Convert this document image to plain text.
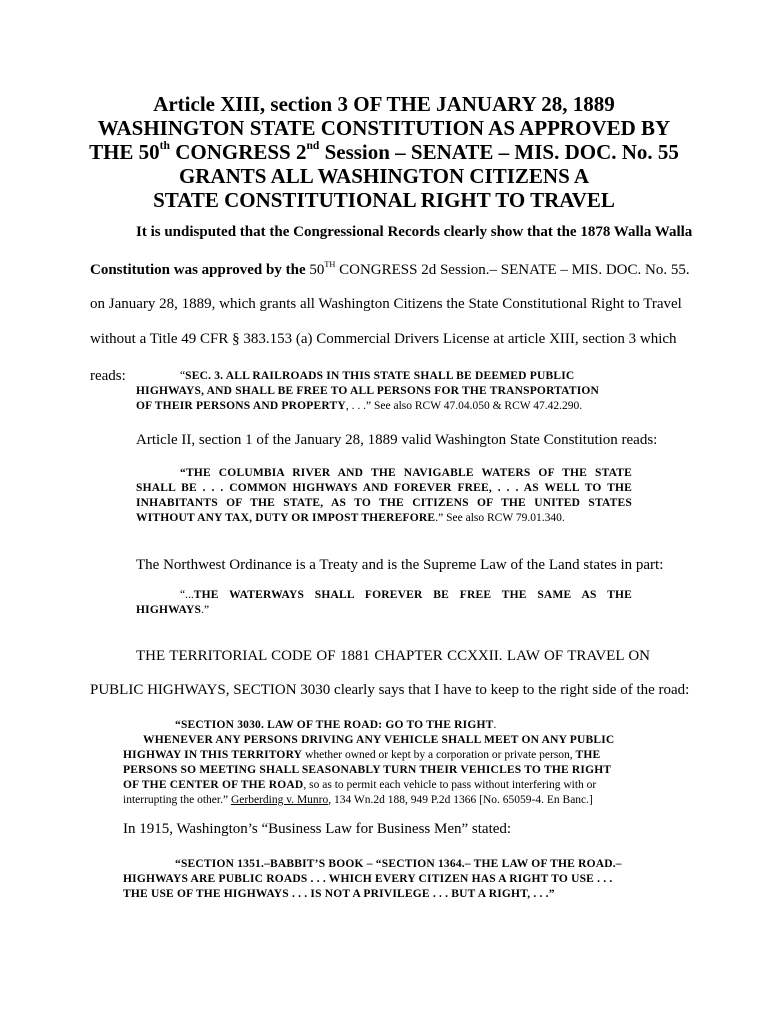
Article XIII, section 3 OF THE JANUARY 28, 1889
WASHINGTON STATE CONSTITUTION AS APPROVED BY
THE 50th CONGRESS 2nd Session – SENATE – MIS. DOC. No. 55
GRANTS ALL WASHINGTON CITIZENS A
STATE CONSTITUTIONAL RIGHT TO TRAVEL

It is undisputed that the Congressional Records clearly show that the 1878 Walla Walla

Constitution was approved by the 50TH CONGRESS 2d Session.– SENATE – MIS. DOC. No. 55.

on January 28, 1889, which grants all Washington Citizens the State Constitutional Right to Travel

without a Title 49 CFR § 383.153 (a) Commercial Drivers License at article XIII, section 3 which

reads:	“SEC. 3. ALL RAILROADS IN THIS STATE SHALL BE DEEMED PUBLIC
HIGHWAYS, AND SHALL BE FREE TO ALL PERSONS FOR THE TRANSPORTATION
OF THEIR PERSONS AND PROPERTY, . . .” See also RCW 47.04.050 & RCW 47.42.290.

Article II, section 1 of the January 28, 1889 valid Washington State Constitution reads:

“THE COLUMBIA RIVER AND THE NAVIGABLE WATERS OF THE STATE
SHALL BE . . . COMMON HIGHWAYS AND FOREVER FREE, . . . AS WELL TO THE
INHABITANTS OF THE STATE, AS TO THE CITIZENS OF THE UNITED STATES
WITHOUT ANY TAX, DUTY OR IMPOST THEREFORE.” See also RCW 79.01.340.

The Northwest Ordinance is a Treaty and is the Supreme Law of the Land states in part:

“...THE WATERWAYS SHALL FOREVER BE FREE THE SAME AS THE
HIGHWAYS.”

THE TERRITORIAL CODE OF 1881 CHAPTER CCXXII. LAW OF TRAVEL ON

PUBLIC HIGHWAYS, SECTION 3030 clearly says that I have to keep to the right side of the road:

“SECTION 3030. LAW OF THE ROAD: GO TO THE RIGHT.
WHENEVER ANY PERSONS DRIVING ANY VEHICLE SHALL MEET ON ANY PUBLIC
HIGHWAY IN THIS TERRITORY whether owned or kept by a corporation or private person, THE
PERSONS SO MEETING SHALL SEASONABLY TURN THEIR VEHICLES TO THE RIGHT
OF THE CENTER OF THE ROAD, so as to permit each vehicle to pass without interfering with or
interrupting the other.” Gerberding v. Munro, 134 Wn.2d 188, 949 P.2d 1366 [No. 65059-4. En Banc.]

In 1915, Washington’s “Business Law for Business Men” stated:

“SECTION 1351.–BABBIT’S BOOK – “SECTION 1364.– THE LAW OF THE ROAD.–
HIGHWAYS ARE PUBLIC ROADS . . . WHICH EVERY CITIZEN HAS A RIGHT TO USE . . .
THE USE OF THE HIGHWAYS . . . IS NOT A PRIVILEGE . . . BUT A RIGHT, . . .”
